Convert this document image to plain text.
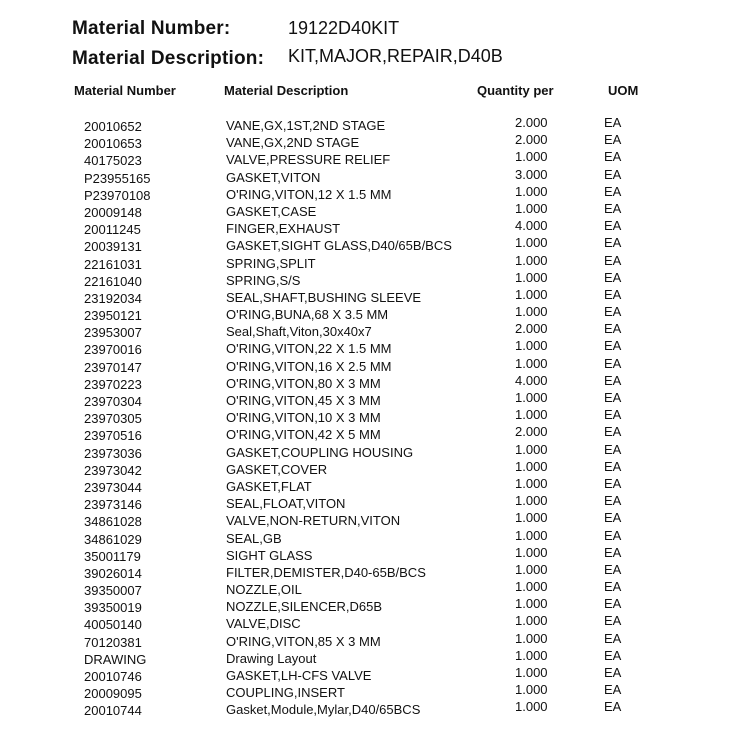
Material Number:	19122D40KIT
Material Description: KIT,MAJOR,REPAIR,D40B
Material Number	Material Description	Quantity per	UOM
20010652	VANE,GX,1ST,2ND STAGE	2.000	EA
20010653	VANE,GX,2ND STAGE	2.000	EA
40175023	VALVE,PRESSURE RELIEF	1.000	EA
P23955165	GASKET,VITON	3.000	EA
P23970108	O'RING,VITON,12 X 1.5 MM	1.000	EA
20009148	GASKET,CASE	1.000	EA
20011245	FINGER,EXHAUST	4.000	EA
20039131	GASKET,SIGHT GLASS,D40/65B/BCS	1.000	EA
22161031	SPRING,SPLIT	1.000	EA
22161040	SPRING,S/S	1.000	EA
23192034	SEAL,SHAFT,BUSHING SLEEVE	1.000	EA
23950121	O'RING,BUNA,68 X 3.5 MM	1.000	EA
23953007	Seal,Shaft,Viton,30x40x7	2.000	EA
23970016	O'RING,VITON,22 X 1.5 MM	1.000	EA
23970147	O'RING,VITON,16 X 2.5 MM	1.000	EA
23970223	O'RING,VITON,80 X 3 MM	4.000	EA
23970304	O'RING,VITON,45 X 3 MM	1.000	EA
23970305	O'RING,VITON,10 X 3 MM	1.000	EA
23970516	O'RING,VITON,42 X 5 MM	2.000	EA
23973036	GASKET,COUPLING HOUSING	1.000	EA
23973042	GASKET,COVER	1.000	EA
23973044	GASKET,FLAT	1.000	EA
23973146	SEAL,FLOAT,VITON	1.000	EA
34861028	VALVE,NON-RETURN,VITON	1.000	EA
34861029	SEAL,GB	1.000	EA
35001179	SIGHT GLASS	1.000	EA
39026014	FILTER,DEMISTER,D40-65B/BCS	1.000	EA
39350007	NOZZLE,OIL	1.000	EA
39350019	NOZZLE,SILENCER,D65B	1.000	EA
40050140	VALVE,DISC	1.000	EA
70120381	O'RING,VITON,85 X 3 MM	1.000	EA
DRAWING	Drawing Layout	1.000	EA
20010746	GASKET,LH-CFS VALVE	1.000	EA
20009095	COUPLING,INSERT	1.000	EA
20010744	Gasket,Module,Mylar,D40/65BCS	1.000	EA
